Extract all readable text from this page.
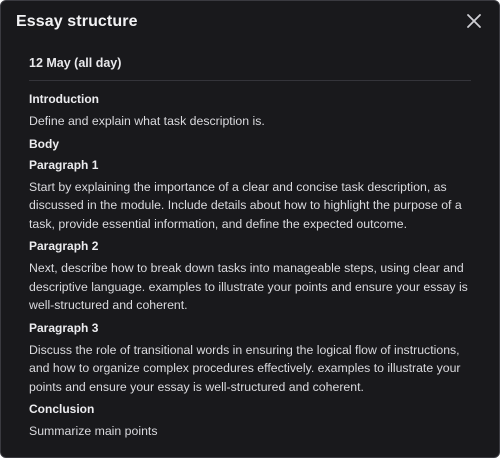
Essay structure
12 May (all day)
Introduction
Define and explain what task description is.
Body
Paragraph 1
Start by explaining the importance of a clear and concise task description, as discussed in the module. Include details about how to highlight the purpose of a task, provide essential information, and define the expected outcome.
Paragraph 2
Next, describe how to break down tasks into manageable steps, using clear and descriptive language. examples to illustrate your points and ensure your essay is well-structured and coherent.
Paragraph 3
Discuss the role of transitional words in ensuring the logical flow of instructions, and how to organize complex procedures effectively. examples to illustrate your points and ensure your essay is well-structured and coherent.
Conclusion
Summarize main points
